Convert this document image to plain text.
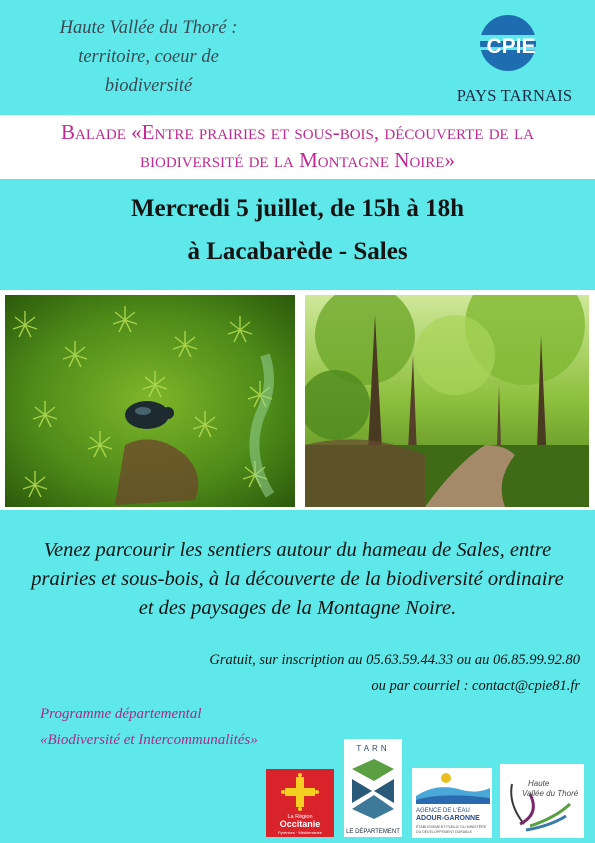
Haute Vallée du Thoré :
territoire, coeur de
biodiversité
CPIE
PAYS TARNAIS
Balade «Entre prairies et sous-bois, découverte de la
biodiversité de la Montagne Noire»
Mercredi 5 juillet, de 15h à 18h
à Lacabarède - Sales
Venez parcourir les sentiers autour du hameau de Sales, entre
prairies et sous-bois, à la découverte de la biodiversité ordinaire
et des paysages de la Montagne Noire.
Gratuit, sur inscription au 05.63.59.44.33 ou au 06.85.99.92.80
ou par courriel : contact@cpie81.fr
Programme départemental
«Biodiversité et Intercommunalités»
La Région
Occitanie
Pyrénées · Méditerranée
TARN
LE DÉPARTEMENT
AGENCE DE L'EAU
ADOUR-GARONNE
ÉTABLISSEMENT PUBLIC DU MINISTÈRE
DU DÉVELOPPEMENT DURABLE
Haute
Vallée du Thoré
